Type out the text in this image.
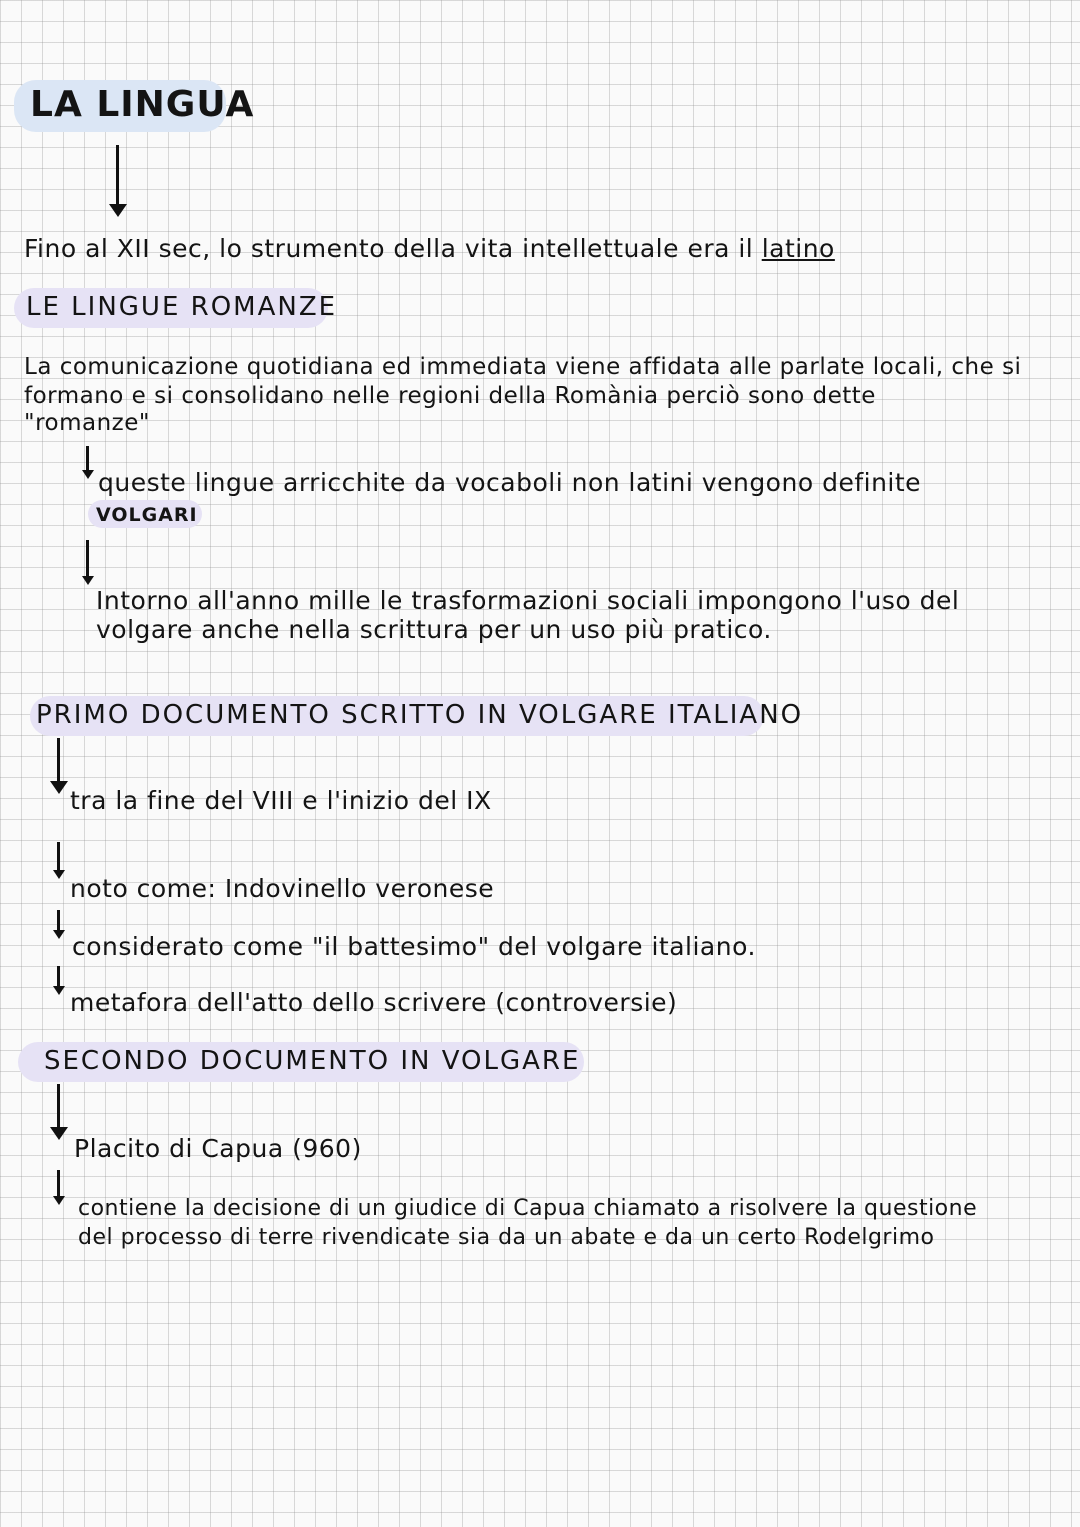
LA LINGUA
Fino al XII sec, lo strumento della vita intellettuale era il latino
LE LINGUE ROMANZE
La comunicazione quotidiana ed immediata viene affidata alle parlate locali, che si
formano e si consolidano nelle regioni della Romània perciò sono dette
"romanze"
queste lingue arricchite da vocaboli non latini vengono definite
VOLGARI
Intorno all'anno mille le trasformazioni sociali impongono l'uso del
volgare anche nella scrittura per un uso più pratico.
PRIMO DOCUMENTO SCRITTO IN VOLGARE ITALIANO
tra la fine del VIII e l'inizio del IX
noto come: Indovinello veronese
considerato come "il battesimo" del volgare italiano.
metafora dell'atto dello scrivere (controversie)
SECONDO DOCUMENTO IN VOLGARE
Placito di Capua (960)
contiene la decisione di un giudice di Capua chiamato a risolvere la questione
del processo di terre rivendicate sia da un abate e da un certo Rodelgrimo
